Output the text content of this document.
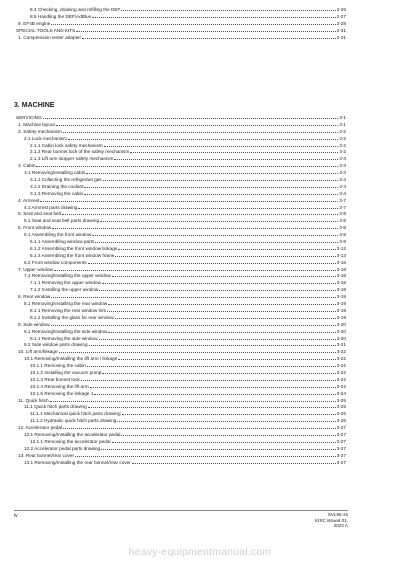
8.4 Checking, draining and refilling the DEF	2-26
8.5 Handling the DEF/AdBlue	2-27
9. EF4B engine	2-28
SPECIAL TOOLS AND KITS	2-31
1. Compression tester adapter	2-31
3. MACHINE
SERVICING	3-1
1. Machine layout	3-1
2. Safety mechanism	3-2
2.1 Lock mechanism	3-2
2.1.1 Cabin lock safety mechanism	3-2
2.1.2 Rear bonnet lock of the safety mechanism	3-2
2.1.3 Lift arm stopper safety mechanism	3-3
3. Cabin	3-3
3.1 Removing/Installing cabin	3-3
3.1.1 Collecting the refrigerant gas	3-4
3.1.2 Draining the coolant	3-4
3.1.3 Removing the cabin	3-4
4. Armrest	3-7
4.1 Armrest parts drawing	3-7
5. Seat and seat belt	3-8
5.1 Seat and seat belt parts drawing	3-8
6. Front window	3-8
6.1 Assembling the front window	3-8
6.1.1 Assembling window parts	3-8
6.1.2 Assembling the front window linkage	3-12
6.1.3 Assembling the front window frame	3-13
6.2 Front window components	3-16
7. Upper window	3-18
7.1 Removing/Installing the upper window	3-18
7.1.1 Removing the upper window	3-18
7.1.2 Installing the upper window	3-18
8. Rear window	3-19
8.1 Removing/Installing the rear window	3-19
8.1.1 Removing the rear window trim	3-19
8.1.2 Installing the glass for rear window	3-19
9. Side window	3-20
9.1 Removing/Installing the side window	3-20
9.1.1 Removing the side window	3-20
9.2 Side window parts drawing	3-21
10. Lift arm/linkage	3-22
10.1 Removing/Installing the lift arm / linkage	3-22
10.1.1 Removing the cabin	3-22
10.1.2 Installing the vacuum pump	3-22
10.1.3 Rear bonnet lock	3-22
10.1.4 Removing the lift arm	3-22
10.1.5 Removing the linkage 1	3-24
11. Quick hitch	3-25
11.1 Quick hitch parts drawing	3-25
11.1.1 Mechanical quick hitch parts drawing	3-25
11.1.2 Hydraulic quick hitch parts drawing	3-26
12. Accelerator pedal	3-27
12.1 Removing/Installing the accelerator pedal	3-27
12.1.1 Removing the accelerator pedal	3-27
12.2 Accelerator pedal parts drawing	3-27
13. Rear bonnet/rear cover	3-27
13.1 Removing/Installing the rear bonnet/rear cover	3-27
iv	SVL95-2s
KISC issued 01, 2022 A
heavy-equipmentmanual.com
